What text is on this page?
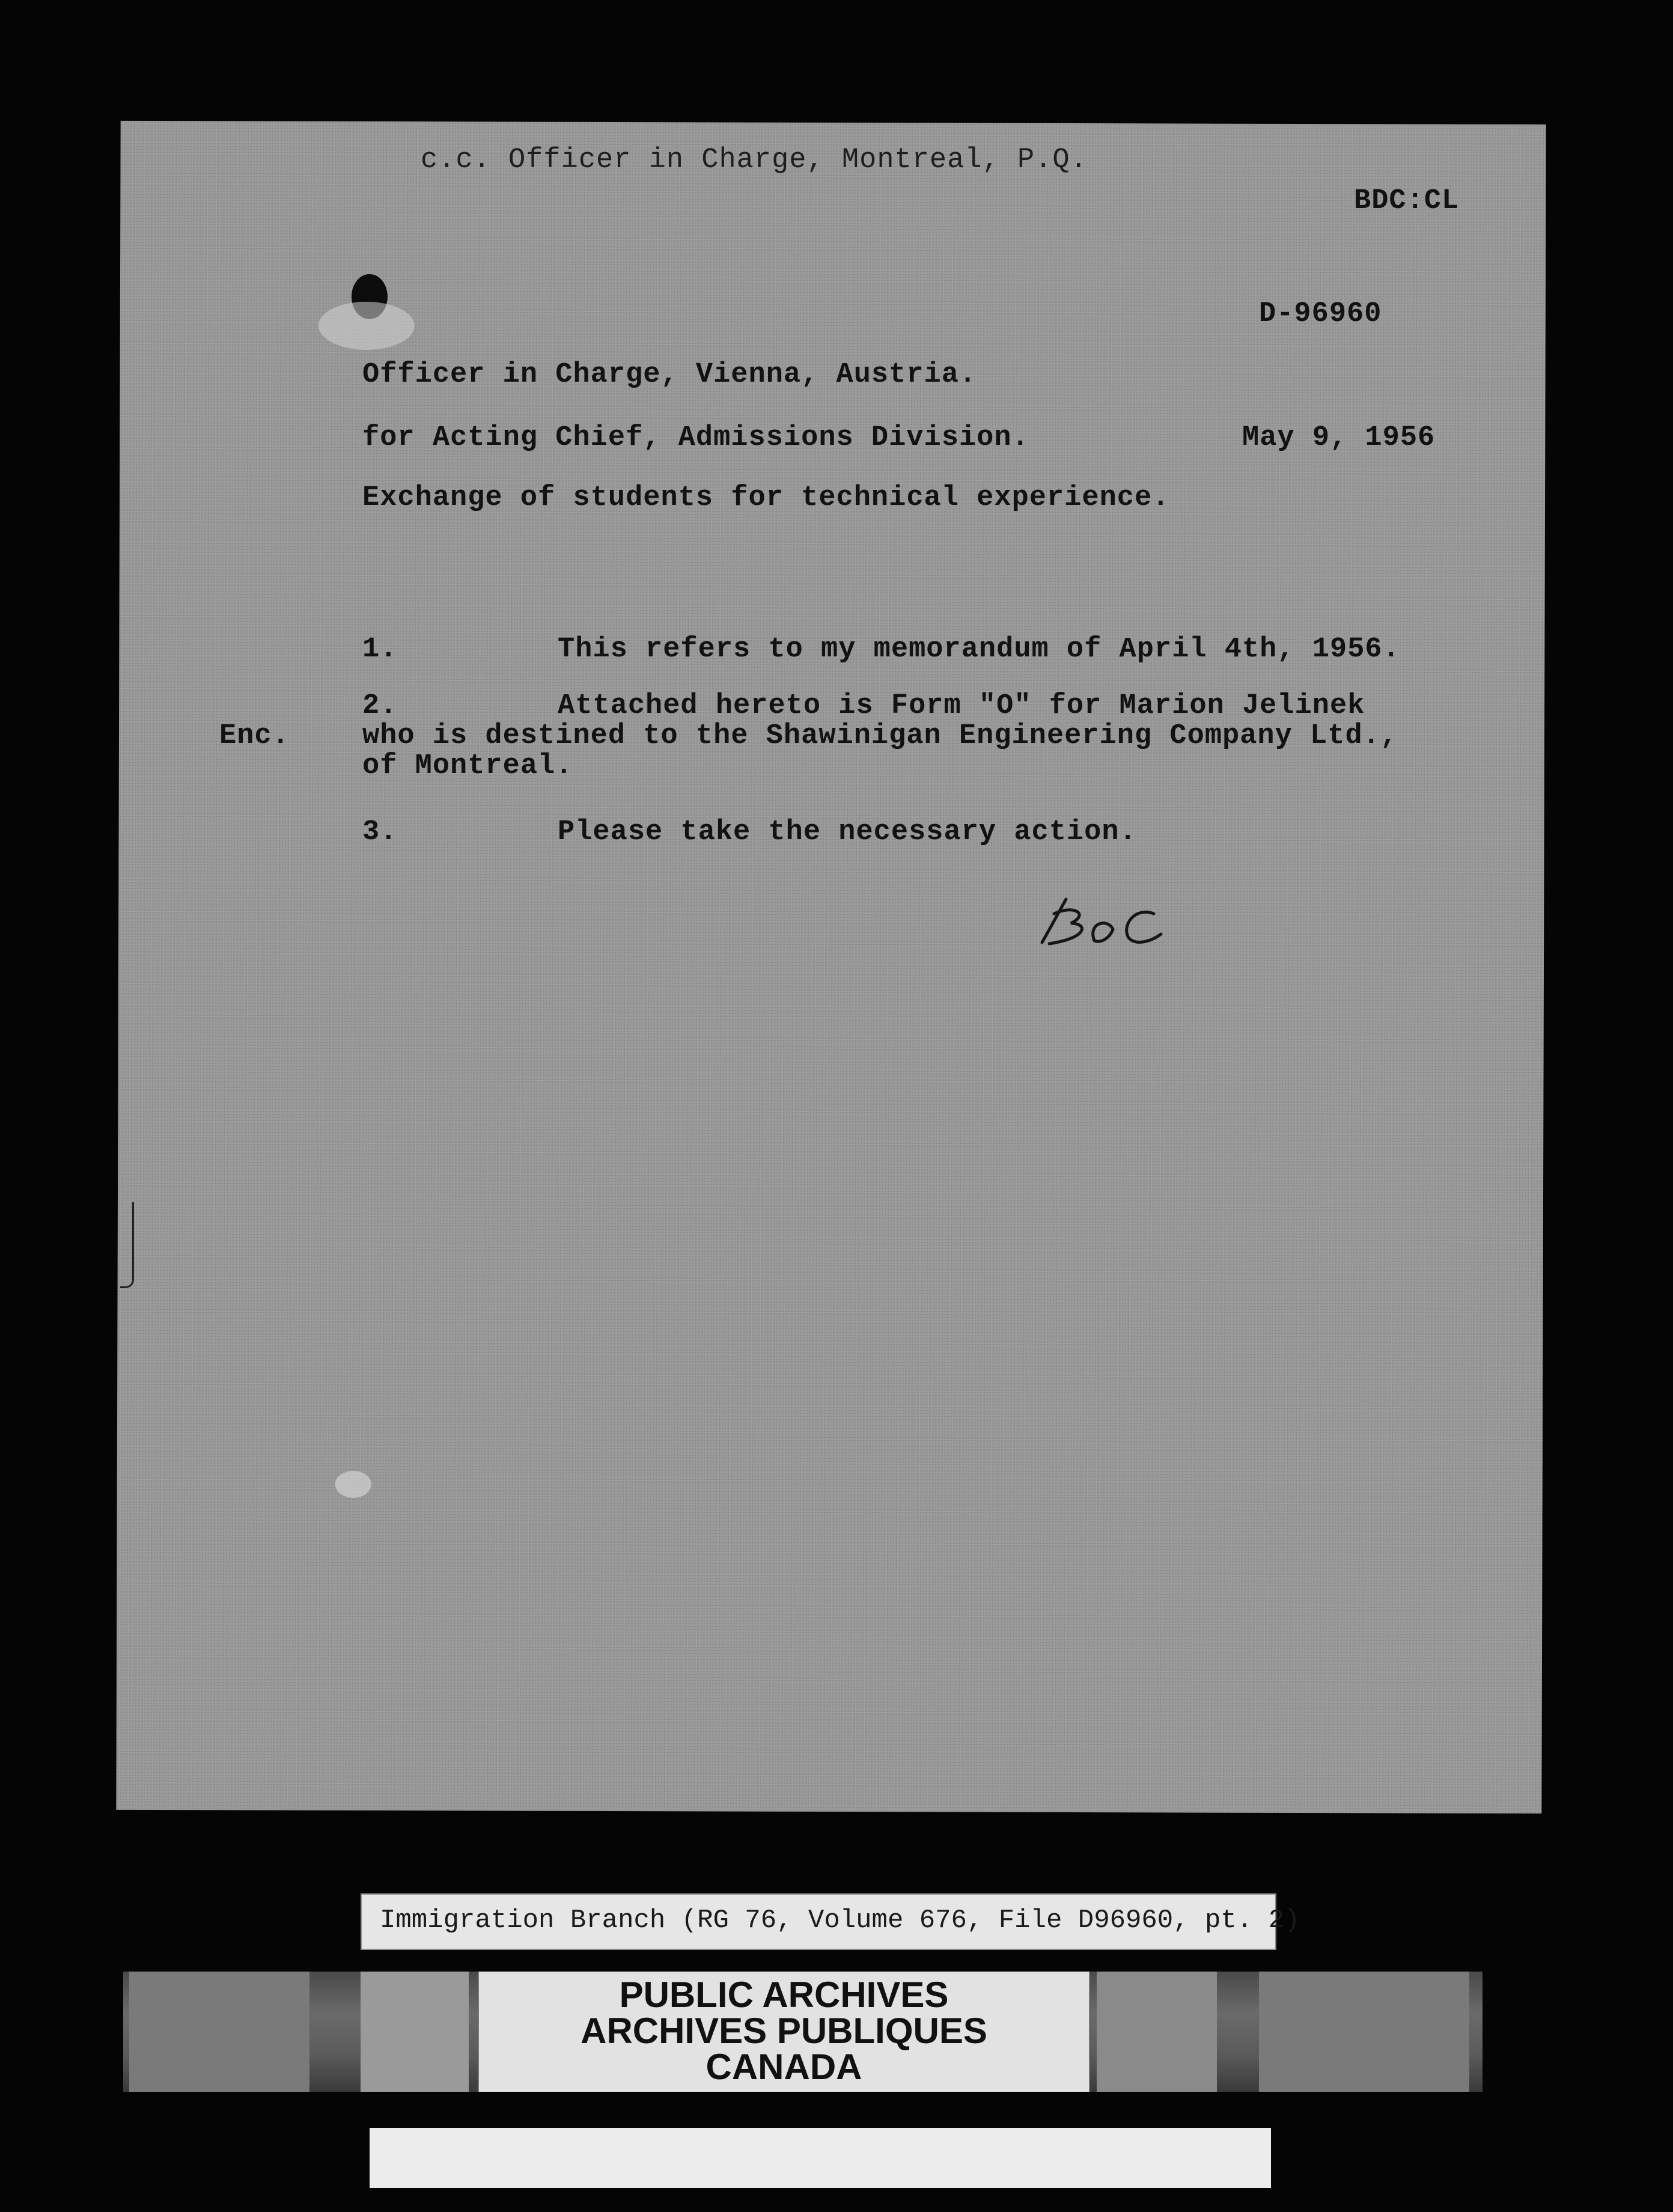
c.c. Officer in Charge, Montreal, P.Q.

BDC:CL

D-96960

Officer in Charge, Vienna, Austria.

for Acting Chief, Admissions Division.	May 9, 1956

Exchange of students for technical experience.

1.	This refers to my memorandum of April 4th, 1956.

2.	Attached hereto is Form "O" for Marion Jelinek

Enc.	who is destined to the Shawinigan Engineering Company Ltd.,

of Montreal.

3.	Please take the necessary action.

Immigration Branch (RG 76, Volume 676, File D96960, pt. 2)

PUBLIC ARCHIVES

ARCHIVES PUBLIQUES

CANADA
